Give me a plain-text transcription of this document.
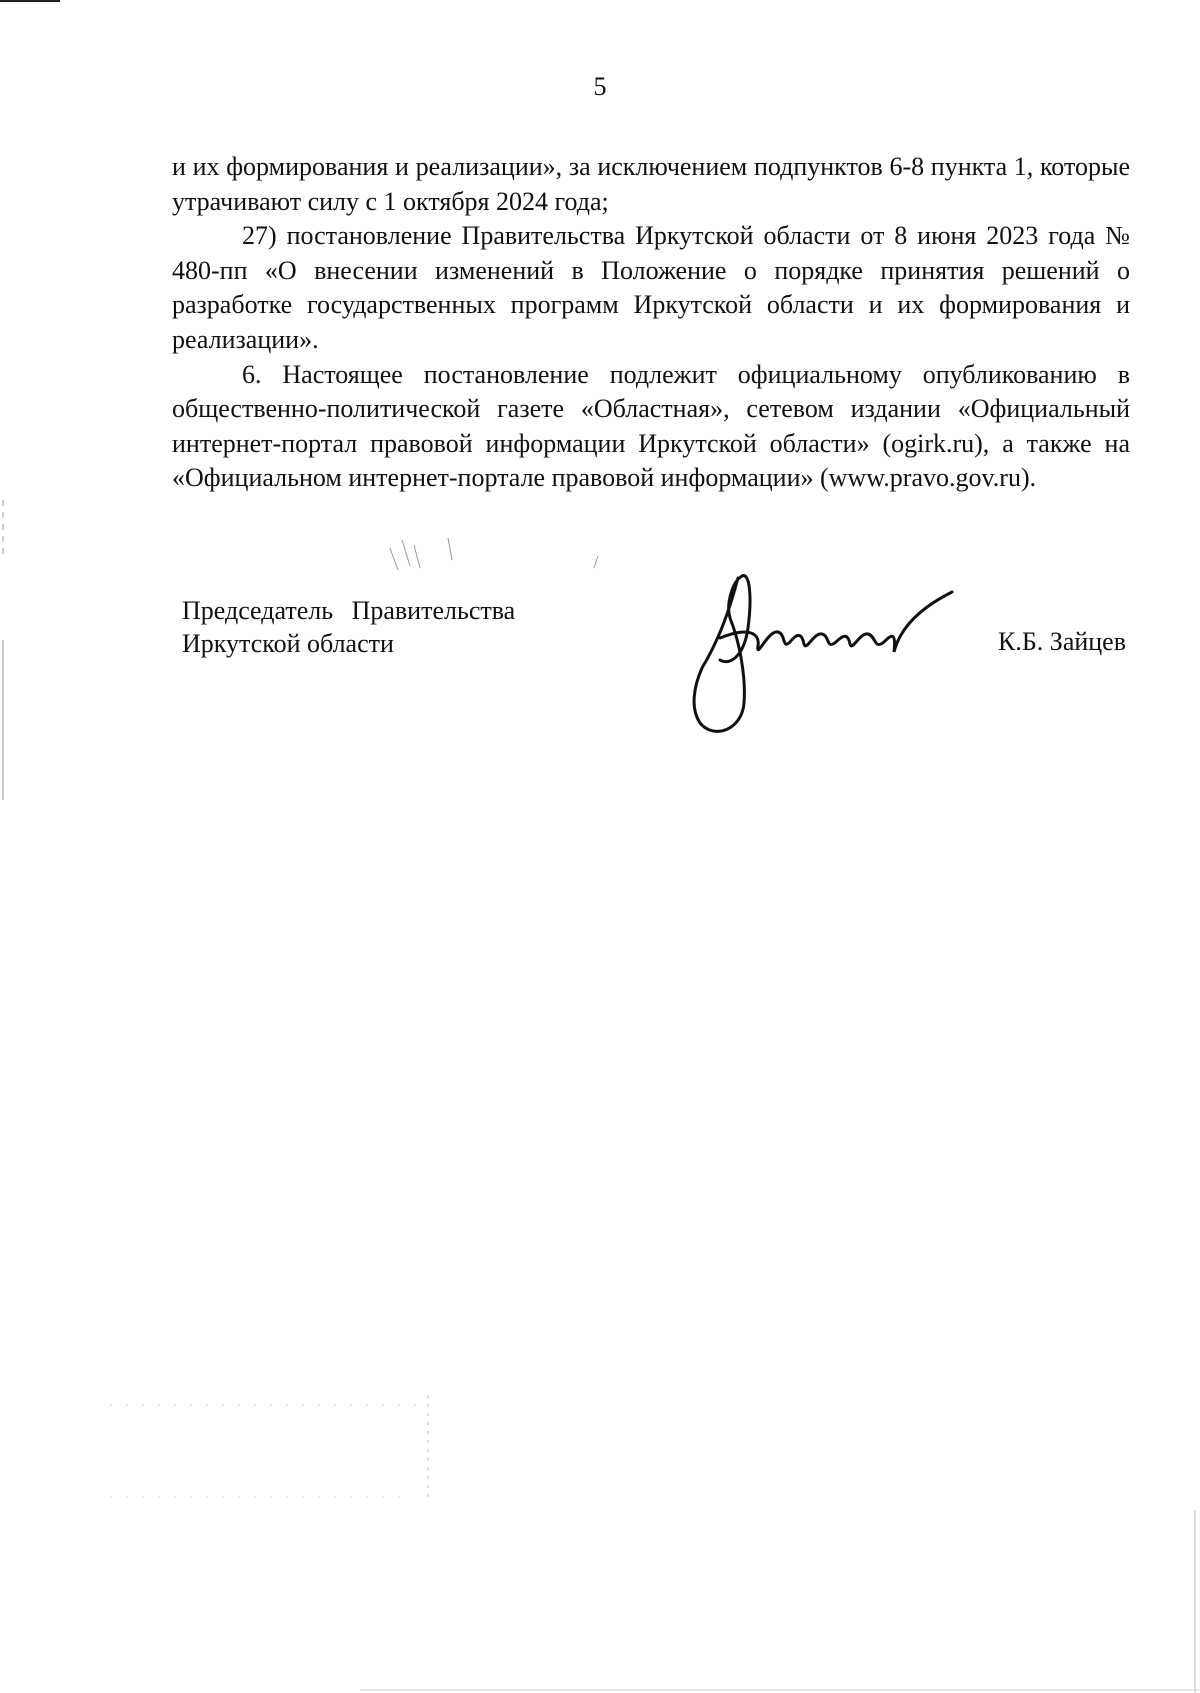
5

и их формирования и реализации», за исключением подпунктов 6-8 пункта 1, которые утрачивают силу с 1 октября 2024 года;

27) постановление Правительства Иркутской области от 8 июня 2023 года № 480-пп «О внесении изменений в Положение о порядке принятия решений о разработке государственных программ Иркутской области и их формирования и реализации».

6. Настоящее постановление подлежит официальному опубликованию в общественно-политической газете «Областная», сетевом издании «Официальный интернет-портал правовой информации Иркутской области» (ogirk.ru), а также на «Официальном интернет-портале правовой информации» (www.pravo.gov.ru).

Председатель Правительства
Иркутской области	К.Б. Зайцев
